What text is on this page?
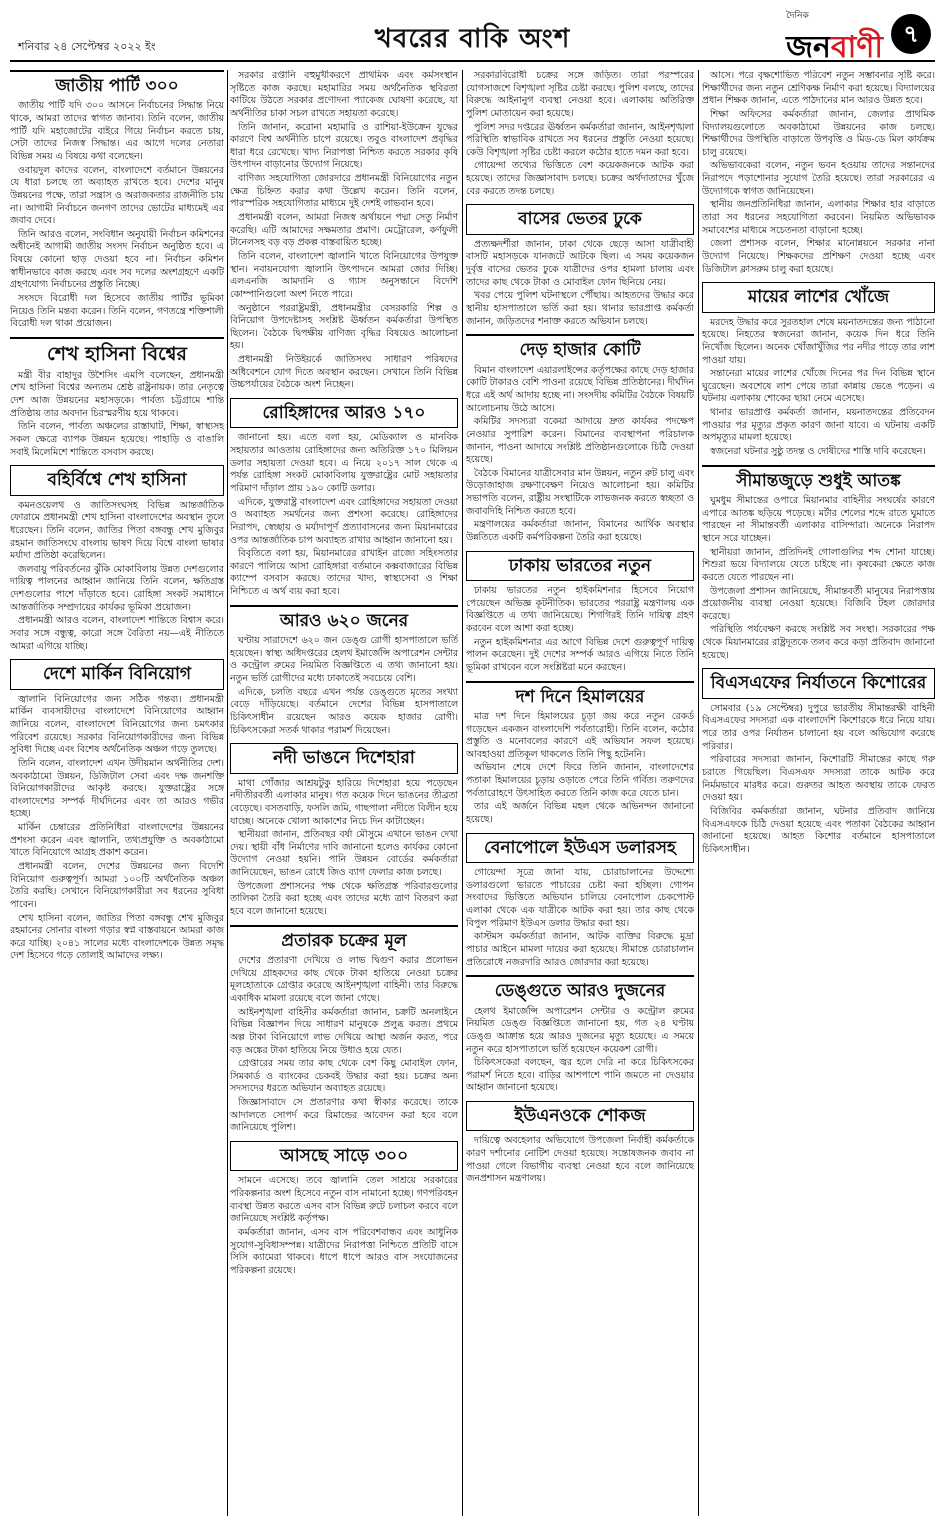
শনিবার ২৪ সেপ্টেম্বর ২০২২ ইং	খবরের বাকি অংশ
দৈনিক
জনবাণী ৭
জাতীয় পার্টি ৩০০

জাতীয় পার্টি যদি ৩০০ আসনে নির্বাচনের সিদ্ধান্ত নিয়ে থাকে, আমরা তাদের স্বাগত জানাব। তিনি বলেন, জাতীয় পার্টি যদি মহাজোটের বাইরে গিয়ে নির্বাচন করতে চায়, সেটা তাদের নিজস্ব সিদ্ধান্ত। এর আগে দলের নেতারা বিভিন্ন সময় এ বিষয়ে কথা বলেছেন।

ওবায়দুল কাদের বলেন, বাংলাদেশে বর্তমানে উন্নয়নের যে ধারা চলছে তা অব্যাহত রাখতে হবে। দেশের মানুষ উন্নয়নের পক্ষে, তারা সন্ত্রাস ও অরাজকতার রাজনীতি চায় না। আগামী নির্বাচনে জনগণ তাদের ভোটের মাধ্যমেই এর জবাব দেবে।

তিনি আরও বলেন, সংবিধান অনুযায়ী নির্বাচন কমিশনের অধীনেই আগামী জাতীয় সংসদ নির্বাচন অনুষ্ঠিত হবে। এ বিষয়ে কোনো ছাড় দেওয়া হবে না। নির্বাচন কমিশন স্বাধীনভাবে কাজ করছে এবং সব দলের অংশগ্রহণে একটি গ্রহণযোগ্য নির্বাচনের প্রস্তুতি নিচ্ছে।

সংসদে বিরোধী দল হিসেবে জাতীয় পার্টির ভূমিকা নিয়েও তিনি মন্তব্য করেন। তিনি বলেন, গণতন্ত্রে শক্তিশালী বিরোধী দল থাকা প্রয়োজন।

শেখ হাসিনা বিশ্বের

মন্ত্রী বীর বাহাদুর উশৈসিং এমপি বলেছেন, প্রধানমন্ত্রী শেখ হাসিনা বিশ্বের অন্যতম শ্রেষ্ঠ রাষ্ট্রনায়ক। তার নেতৃত্বে দেশ আজ উন্নয়নের মহাসড়কে। পার্বত্য চট্টগ্রামে শান্তি প্রতিষ্ঠায় তার অবদান চিরস্মরণীয় হয়ে থাকবে।

তিনি বলেন, পার্বত্য অঞ্চলের রাস্তাঘাট, শিক্ষা, স্বাস্থ্যসহ সকল ক্ষেত্রে ব্যাপক উন্নয়ন হয়েছে। পাহাড়ি ও বাঙালি সবাই মিলেমিশে শান্তিতে বসবাস করছে।

বহির্বিশ্বে শেখ হাসিনা

কমনওয়েলথ ও জাতিসংঘসহ বিভিন্ন আন্তর্জাতিক ফোরামে প্রধানমন্ত্রী শেখ হাসিনা বাংলাদেশের অবস্থান তুলে ধরেছেন। তিনি বলেন, জাতির পিতা বঙ্গবন্ধু শেখ মুজিবুর রহমান জাতিসংঘে বাংলায় ভাষণ দিয়ে বিশ্বে বাংলা ভাষার মর্যাদা প্রতিষ্ঠা করেছিলেন।

জলবায়ু পরিবর্তনের ঝুঁকি মোকাবিলায় উন্নত দেশগুলোর দায়িত্ব পালনের আহ্বান জানিয়ে তিনি বলেন, ক্ষতিগ্রস্ত দেশগুলোর পাশে দাঁড়াতে হবে। রোহিঙ্গা সংকট সমাধানে আন্তর্জাতিক সম্প্রদায়ের কার্যকর ভূমিকা প্রয়োজন।

প্রধানমন্ত্রী আরও বলেন, বাংলাদেশ শান্তিতে বিশ্বাস করে। সবার সঙ্গে বন্ধুত্ব, কারো সঙ্গে বৈরিতা নয়—এই নীতিতে আমরা এগিয়ে যাচ্ছি।

দেশে মার্কিন বিনিয়োগ

জ্বালানি বিনিয়োগের জন্য সঠিক গন্তব্য। প্রধানমন্ত্রী মার্কিন ব্যবসায়ীদের বাংলাদেশে বিনিয়োগের আহ্বান জানিয়ে বলেন, বাংলাদেশে বিনিয়োগের জন্য চমৎকার পরিবেশ রয়েছে। সরকার বিনিয়োগকারীদের জন্য বিভিন্ন সুবিধা দিচ্ছে এবং বিশেষ অর্থনৈতিক অঞ্চল গড়ে তুলছে।

তিনি বলেন, বাংলাদেশ এখন উদীয়মান অর্থনীতির দেশ। অবকাঠামো উন্নয়ন, ডিজিটাল সেবা এবং দক্ষ জনশক্তি বিনিয়োগকারীদের আকৃষ্ট করছে। যুক্তরাষ্ট্রের সঙ্গে বাংলাদেশের সম্পর্ক দীর্ঘদিনের এবং তা আরও গভীর হচ্ছে।

মার্কিন চেম্বারের প্রতিনিধিরা বাংলাদেশের উন্নয়নের প্রশংসা করেন এবং জ্বালানি, তথ্যপ্রযুক্তি ও অবকাঠামো খাতে বিনিয়োগে আগ্রহ প্রকাশ করেন।

প্রধানমন্ত্রী বলেন, দেশের উন্নয়নের জন্য বিদেশি বিনিয়োগ গুরুত্বপূর্ণ। আমরা ১০০টি অর্থনৈতিক অঞ্চল তৈরি করছি। সেখানে বিনিয়োগকারীরা সব ধরনের সুবিধা পাবেন।

শেখ হাসিনা বলেন, জাতির পিতা বঙ্গবন্ধু শেখ মুজিবুর রহমানের সোনার বাংলা গড়ার স্বপ্ন বাস্তবায়নে আমরা কাজ করে যাচ্ছি। ২০৪১ সালের মধ্যে বাংলাদেশকে উন্নত সমৃদ্ধ দেশ হিসেবে গড়ে তোলাই আমাদের লক্ষ্য।

সরকার রপ্তানি বহুমুখীকরণে প্রাথমিক এবং কর্মসংস্থান সৃষ্টিতে কাজ করছে। মহামারির সময় অর্থনৈতিক স্থবিরতা কাটিয়ে উঠতে সরকার প্রণোদনা প্যাকেজ ঘোষণা করেছে, যা অর্থনীতির চাকা সচল রাখতে সহায়তা করেছে।

তিনি জানান, করোনা মহামারি ও রাশিয়া-ইউক্রেন যুদ্ধের কারণে বিশ্ব অর্থনীতি চাপে রয়েছে। তবুও বাংলাদেশ প্রবৃদ্ধির ধারা ধরে রেখেছে। খাদ্য নিরাপত্তা নিশ্চিত করতে সরকার কৃষি উৎপাদন বাড়ানোর উদ্যোগ নিয়েছে।

বাণিজ্য সহযোগিতা জোরদারে প্রধানমন্ত্রী বিনিয়োগের নতুন ক্ষেত্র চিহ্নিত করার কথা উল্লেখ করেন। তিনি বলেন, পারস্পরিক সহযোগিতার মাধ্যমে দুই দেশই লাভবান হবে।

প্রধানমন্ত্রী বলেন, আমরা নিজস্ব অর্থায়নে পদ্মা সেতু নির্মাণ করেছি। এটি আমাদের সক্ষমতার প্রমাণ। মেট্রোরেল, কর্ণফুলী টানেলসহ বড় বড় প্রকল্প বাস্তবায়িত হচ্ছে।

তিনি বলেন, বাংলাদেশ জ্বালানি খাতে বিনিয়োগের উপযুক্ত স্থান। নবায়নযোগ্য জ্বালানি উৎপাদনে আমরা জোর দিচ্ছি। এলএনজি আমদানি ও গ্যাস অনুসন্ধানে বিদেশি কোম্পানিগুলো অংশ নিতে পারে।

অনুষ্ঠানে পররাষ্ট্রমন্ত্রী, প্রধানমন্ত্রীর বেসরকারি শিল্প ও বিনিয়োগ উপদেষ্টাসহ সংশ্লিষ্ট ঊর্ধ্বতন কর্মকর্তারা উপস্থিত ছিলেন। বৈঠকে দ্বিপক্ষীয় বাণিজ্য বৃদ্ধির বিষয়েও আলোচনা হয়।

প্রধানমন্ত্রী নিউইয়র্কে জাতিসংঘ সাধারণ পরিষদের অধিবেশনে যোগ দিতে অবস্থান করছেন। সেখানে তিনি বিভিন্ন উচ্চপর্যায়ের বৈঠকে অংশ নিচ্ছেন।

রোহিঙ্গাদের আরও ১৭০

জানানো হয়। এতে বলা হয়, মেডিক্যাল ও মানবিক সহায়তার আওতায় রোহিঙ্গাদের জন্য অতিরিক্ত ১৭০ মিলিয়ন ডলার সহায়তা দেওয়া হবে। এ নিয়ে ২০১৭ সাল থেকে এ পর্যন্ত রোহিঙ্গা সংকট মোকাবিলায় যুক্তরাষ্ট্রের মোট সহায়তার পরিমাণ দাঁড়াল প্রায় ১৯০ কোটি ডলার।

এদিকে, যুক্তরাষ্ট্র বাংলাদেশ এবং রোহিঙ্গাদের সহায়তা দেওয়া ও অব্যাহত সমর্থনের জন্য প্রশংসা করেছে। রোহিঙ্গাদের নিরাপদ, স্বেচ্ছায় ও মর্যাদাপূর্ণ প্রত্যাবাসনের জন্য মিয়ানমারের ওপর আন্তর্জাতিক চাপ অব্যাহত রাখার আহ্বান জানানো হয়।

বিবৃতিতে বলা হয়, মিয়ানমারের রাখাইন রাজ্যে সহিংসতার কারণে পালিয়ে আসা রোহিঙ্গারা বর্তমানে কক্সবাজারের বিভিন্ন ক্যাম্পে বসবাস করছে। তাদের খাদ্য, স্বাস্থ্যসেবা ও শিক্ষা নিশ্চিতে এ অর্থ ব্যয় করা হবে।

আরও ৬২০ জনের

ঘণ্টায় সারাদেশে ৬২০ জন ডেঙ্গু রোগী হাসপাতালে ভর্তি হয়েছেন। স্বাস্থ্য অধিদপ্তরের হেলথ ইমার্জেন্সি অপারেশন সেন্টার ও কন্ট্রোল রুমের নিয়মিত বিজ্ঞপ্তিতে এ তথ্য জানানো হয়। নতুন ভর্তি রোগীদের মধ্যে ঢাকাতেই সবচেয়ে বেশি।

এদিকে, চলতি বছরে এখন পর্যন্ত ডেঙ্গুতে মৃতের সংখ্যা বেড়ে দাঁড়িয়েছে। বর্তমানে দেশের বিভিন্ন হাসপাতালে চিকিৎসাধীন রয়েছেন আরও কয়েক হাজার রোগী। চিকিৎসকেরা সতর্ক থাকার পরামর্শ দিয়েছেন।

নদী ভাঙনে দিশেহারা

মাথা গোঁজার আশ্রয়টুকু হারিয়ে দিশেহারা হয়ে পড়েছেন নদীতীরবর্তী এলাকার মানুষ। গত কয়েক দিনে ভাঙনের তীব্রতা বেড়েছে। বসতবাড়ি, ফসলি জমি, গাছপালা নদীতে বিলীন হয়ে যাচ্ছে। অনেকে খোলা আকাশের নিচে দিন কাটাচ্ছেন।

স্থানীয়রা জানান, প্রতিবছর বর্ষা মৌসুমে এখানে ভাঙন দেখা দেয়। স্থায়ী বাঁধ নির্মাণের দাবি জানানো হলেও কার্যকর কোনো উদ্যোগ নেওয়া হয়নি। পানি উন্নয়ন বোর্ডের কর্মকর্তারা জানিয়েছেন, ভাঙন রোধে জিও ব্যাগ ফেলার কাজ চলছে।

উপজেলা প্রশাসনের পক্ষ থেকে ক্ষতিগ্রস্ত পরিবারগুলোর তালিকা তৈরি করা হচ্ছে এবং তাদের মধ্যে ত্রাণ বিতরণ করা হবে বলে জানানো হয়েছে।

প্রতারক চক্রের মূল

দেশের প্রতারণা দেখিয়ে ও লাভ দ্বিগুণ করার প্রলোভন দেখিয়ে গ্রাহকদের কাছ থেকে টাকা হাতিয়ে নেওয়া চক্রের মূলহোতাকে গ্রেপ্তার করেছে আইনশৃঙ্খলা বাহিনী। তার বিরুদ্ধে একাধিক মামলা রয়েছে বলে জানা গেছে।

আইনশৃঙ্খলা বাহিনীর কর্মকর্তারা জানান, চক্রটি অনলাইনে বিভিন্ন বিজ্ঞাপন দিয়ে সাধারণ মানুষকে প্রলুব্ধ করত। প্রথমে অল্প টাকা বিনিয়োগে লাভ দেখিয়ে আস্থা অর্জন করত, পরে বড় অঙ্কের টাকা হাতিয়ে নিয়ে উধাও হয়ে যেত।

গ্রেপ্তারের সময় তার কাছ থেকে বেশ কিছু মোবাইল ফোন, সিমকার্ড ও ব্যাংকের চেকবই উদ্ধার করা হয়। চক্রের অন্য সদস্যদের ধরতে অভিযান অব্যাহত রয়েছে।

জিজ্ঞাসাবাদে সে প্রতারণার কথা স্বীকার করেছে। তাকে আদালতে সোপর্দ করে রিমান্ডের আবেদন করা হবে বলে জানিয়েছে পুলিশ।

আসছে সাড়ে ৩০০

সামনে এসেছে। তবে জ্বালানি তেল সাশ্রয়ে সরকারের পরিকল্পনার অংশ হিসেবে নতুন বাস নামানো হচ্ছে। গণপরিবহন ব্যবস্থা উন্নত করতে এসব বাস বিভিন্ন রুটে চলাচল করবে বলে জানিয়েছে সংশ্লিষ্ট কর্তৃপক্ষ।

কর্মকর্তারা জানান, এসব বাস পরিবেশবান্ধব এবং আধুনিক সুযোগ-সুবিধাসম্পন্ন। যাত্রীদের নিরাপত্তা নিশ্চিতে প্রতিটি বাসে সিসি ক্যামেরা থাকবে। ধাপে ধাপে আরও বাস সংযোজনের পরিকল্পনা রয়েছে।

সরকারবিরোধী চক্রের সঙ্গে জড়িত। তারা পরস্পরের যোগসাজশে বিশৃঙ্খলা সৃষ্টির চেষ্টা করছে। পুলিশ বলছে, তাদের বিরুদ্ধে আইনানুগ ব্যবস্থা নেওয়া হবে। এলাকায় অতিরিক্ত পুলিশ মোতায়েন করা হয়েছে।

পুলিশ সদর দপ্তরের ঊর্ধ্বতন কর্মকর্তারা জানান, আইনশৃঙ্খলা পরিস্থিতি স্বাভাবিক রাখতে সব ধরনের প্রস্তুতি নেওয়া হয়েছে। কেউ বিশৃঙ্খলা সৃষ্টির চেষ্টা করলে কঠোর হাতে দমন করা হবে।

গোয়েন্দা তথ্যের ভিত্তিতে বেশ কয়েকজনকে আটক করা হয়েছে। তাদের জিজ্ঞাসাবাদ চলছে। চক্রের অর্থদাতাদের খুঁজে বের করতে তদন্ত চলছে।

বাসের ভেতর ঢুকে

প্রত্যক্ষদর্শীরা জানান, ঢাকা থেকে ছেড়ে আসা যাত্রীবাহী বাসটি মহাসড়কে যানজটে আটকে ছিল। এ সময় কয়েকজন দুর্বৃত্ত বাসের ভেতর ঢুকে যাত্রীদের ওপর হামলা চালায় এবং তাদের কাছ থেকে টাকা ও মোবাইল ফোন ছিনিয়ে নেয়।

খবর পেয়ে পুলিশ ঘটনাস্থলে পৌঁছায়। আহতদের উদ্ধার করে স্থানীয় হাসপাতালে ভর্তি করা হয়। থানার ভারপ্রাপ্ত কর্মকর্তা জানান, জড়িতদের শনাক্ত করতে অভিযান চলছে।

দেড় হাজার কোটি

বিমান বাংলাদেশ এয়ারলাইন্সের কর্তৃপক্ষের কাছে দেড় হাজার কোটি টাকারও বেশি পাওনা রয়েছে বিভিন্ন প্রতিষ্ঠানের। দীর্ঘদিন ধরে এই অর্থ আদায় হচ্ছে না। সংসদীয় কমিটির বৈঠকে বিষয়টি আলোচনায় উঠে আসে।

কমিটির সদস্যরা বকেয়া আদায়ে দ্রুত কার্যকর পদক্ষেপ নেওয়ার সুপারিশ করেন। বিমানের ব্যবস্থাপনা পরিচালক জানান, পাওনা আদায়ে সংশ্লিষ্ট প্রতিষ্ঠানগুলোকে চিঠি দেওয়া হয়েছে।

বৈঠকে বিমানের যাত্রীসেবার মান উন্নয়ন, নতুন রুট চালু এবং উড়োজাহাজ রক্ষণাবেক্ষণ নিয়েও আলোচনা হয়। কমিটির সভাপতি বলেন, রাষ্ট্রীয় সংস্থাটিকে লাভজনক করতে স্বচ্ছতা ও জবাবদিহি নিশ্চিত করতে হবে।

মন্ত্রণালয়ের কর্মকর্তারা জানান, বিমানের আর্থিক অবস্থার উন্নতিতে একটি কর্মপরিকল্পনা তৈরি করা হয়েছে।

ঢাকায় ভারতের নতুন

ঢাকায় ভারতের নতুন হাইকমিশনার হিসেবে নিয়োগ পেয়েছেন অভিজ্ঞ কূটনীতিক। ভারতের পররাষ্ট্র মন্ত্রণালয় এক বিজ্ঞপ্তিতে এ তথ্য জানিয়েছে। শিগগিরই তিনি দায়িত্ব গ্রহণ করবেন বলে আশা করা হচ্ছে।

নতুন হাইকমিশনার এর আগে বিভিন্ন দেশে গুরুত্বপূর্ণ দায়িত্ব পালন করেছেন। দুই দেশের সম্পর্ক আরও এগিয়ে নিতে তিনি ভূমিকা রাখবেন বলে সংশ্লিষ্টরা মনে করছেন।

দশ দিনে হিমালয়ের

মাত্র দশ দিনে হিমালয়ের চূড়া জয় করে নতুন রেকর্ড গড়েছেন একজন বাংলাদেশি পর্বতারোহী। তিনি বলেন, কঠোর প্রস্তুতি ও মনোবলের কারণে এই অভিযান সফল হয়েছে। আবহাওয়া প্রতিকূল থাকলেও তিনি পিছু হটেননি।

অভিযান শেষে দেশে ফিরে তিনি জানান, বাংলাদেশের পতাকা হিমালয়ের চূড়ায় ওড়াতে পেরে তিনি গর্বিত। তরুণদের পর্বতারোহণে উৎসাহিত করতে তিনি কাজ করে যেতে চান।

তার এই অর্জনে বিভিন্ন মহল থেকে অভিনন্দন জানানো হয়েছে।

বেনাপোলে ইউএস ডলারসহ

গোয়েন্দা সূত্রে জানা যায়, চোরাচালানের উদ্দেশ্যে ডলারগুলো ভারতে পাচারের চেষ্টা করা হচ্ছিল। গোপন সংবাদের ভিত্তিতে অভিযান চালিয়ে বেনাপোল চেকপোস্ট এলাকা থেকে এক যাত্রীকে আটক করা হয়। তার কাছ থেকে বিপুল পরিমাণ ইউএস ডলার উদ্ধার করা হয়।

কাস্টমস কর্মকর্তারা জানান, আটক ব্যক্তির বিরুদ্ধে মুদ্রা পাচার আইনে মামলা দায়ের করা হয়েছে। সীমান্তে চোরাচালান প্রতিরোধে নজরদারি আরও জোরদার করা হয়েছে।

ডেঙ্গুতে আরও দুজনের

হেলথ ইমার্জেন্সি অপারেশন সেন্টার ও কন্ট্রোল রুমের নিয়মিত ডেঙ্গু বিজ্ঞপ্তিতে জানানো হয়, গত ২৪ ঘণ্টায় ডেঙ্গু আক্রান্ত হয়ে আরও দুজনের মৃত্যু হয়েছে। এ সময়ে নতুন করে হাসপাতালে ভর্তি হয়েছেন কয়েকশ রোগী।

চিকিৎসকেরা বলছেন, জ্বর হলে দেরি না করে চিকিৎসকের পরামর্শ নিতে হবে। বাড়ির আশপাশে পানি জমতে না দেওয়ার আহ্বান জানানো হয়েছে।

ইউএনওকে শোকজ

দায়িত্বে অবহেলার অভিযোগে উপজেলা নির্বাহী কর্মকর্তাকে কারণ দর্শানোর নোটিশ দেওয়া হয়েছে। সন্তোষজনক জবাব না পাওয়া গেলে বিভাগীয় ব্যবস্থা নেওয়া হবে বলে জানিয়েছে জনপ্রশাসন মন্ত্রণালয়।

আসে। পরে বৃক্ষশোভিত পরিবেশ নতুন সম্ভাবনার সৃষ্টি করে। শিক্ষার্থীদের জন্য নতুন শ্রেণিকক্ষ নির্মাণ করা হয়েছে। বিদ্যালয়ের প্রধান শিক্ষক জানান, এতে পাঠদানের মান আরও উন্নত হবে।

শিক্ষা অফিসের কর্মকর্তারা জানান, জেলার প্রাথমিক বিদ্যালয়গুলোতে অবকাঠামো উন্নয়নের কাজ চলছে। শিক্ষার্থীদের উপস্থিতি বাড়াতে উপবৃত্তি ও মিড-ডে মিল কার্যক্রম চালু রয়েছে।

অভিভাবকেরা বলেন, নতুন ভবন হওয়ায় তাদের সন্তানদের নিরাপদে পড়াশোনার সুযোগ তৈরি হয়েছে। তারা সরকারের এ উদ্যোগকে স্বাগত জানিয়েছেন।

স্থানীয় জনপ্রতিনিধিরা জানান, এলাকার শিক্ষার হার বাড়াতে তারা সব ধরনের সহযোগিতা করবেন। নিয়মিত অভিভাবক সমাবেশের মাধ্যমে সচেতনতা বাড়ানো হচ্ছে।

জেলা প্রশাসক বলেন, শিক্ষার মানোন্নয়নে সরকার নানা উদ্যোগ নিয়েছে। শিক্ষকদের প্রশিক্ষণ দেওয়া হচ্ছে এবং ডিজিটাল ক্লাসরুম চালু করা হয়েছে।

মায়ের লাশের খোঁজে

মরদেহ উদ্ধার করে সুরতহাল শেষে ময়নাতদন্তের জন্য পাঠানো হয়েছে। নিহতের স্বজনেরা জানান, কয়েক দিন ধরে তিনি নিখোঁজ ছিলেন। অনেক খোঁজাখুঁজির পর নদীর পাড়ে তার লাশ পাওয়া যায়।

সন্তানেরা মায়ের লাশের খোঁজে দিনের পর দিন বিভিন্ন স্থানে ঘুরেছেন। অবশেষে লাশ পেয়ে তারা কান্নায় ভেঙে পড়েন। এ ঘটনায় এলাকায় শোকের ছায়া নেমে এসেছে।

থানার ভারপ্রাপ্ত কর্মকর্তা জানান, ময়নাতদন্তের প্রতিবেদন পাওয়ার পর মৃত্যুর প্রকৃত কারণ জানা যাবে। এ ঘটনায় একটি অপমৃত্যুর মামলা হয়েছে।

স্বজনেরা ঘটনার সুষ্ঠু তদন্ত ও দোষীদের শাস্তি দাবি করেছেন।

সীমান্তজুড়ে শুধুই আতঙ্ক

ঘুমধুম সীমান্তের ওপারে মিয়ানমার বাহিনীর সংঘর্ষের কারণে এপারে আতঙ্ক ছড়িয়ে পড়েছে। মর্টার শেলের শব্দে রাতে ঘুমাতে পারছেন না সীমান্তবর্তী এলাকার বাসিন্দারা। অনেকে নিরাপদ স্থানে সরে যাচ্ছেন।

স্থানীয়রা জানান, প্রতিদিনই গোলাগুলির শব্দ শোনা যাচ্ছে। শিশুরা ভয়ে বিদ্যালয়ে যেতে চাইছে না। কৃষকেরা ক্ষেতে কাজ করতে যেতে পারছেন না।

উপজেলা প্রশাসন জানিয়েছে, সীমান্তবর্তী মানুষের নিরাপত্তায় প্রয়োজনীয় ব্যবস্থা নেওয়া হয়েছে। বিজিবি টহল জোরদার করেছে।

পরিস্থিতি পর্যবেক্ষণ করছে সংশ্লিষ্ট সব সংস্থা। সরকারের পক্ষ থেকে মিয়ানমারের রাষ্ট্রদূতকে তলব করে কড়া প্রতিবাদ জানানো হয়েছে।

বিএসএফের নির্যাতনে কিশোরের

সোমবার (১৯ সেপ্টেম্বর) দুপুরে ভারতীয় সীমান্তরক্ষী বাহিনী বিএসএফের সদস্যরা এক বাংলাদেশি কিশোরকে ধরে নিয়ে যায়। পরে তার ওপর নির্যাতন চালানো হয় বলে অভিযোগ করেছে পরিবার।

পরিবারের সদস্যরা জানান, কিশোরটি সীমান্তের কাছে গরু চরাতে গিয়েছিল। বিএসএফ সদস্যরা তাকে আটক করে নির্মমভাবে মারধর করে। গুরুতর আহত অবস্থায় তাকে ফেরত দেওয়া হয়।

বিজিবির কর্মকর্তারা জানান, ঘটনার প্রতিবাদ জানিয়ে বিএসএফকে চিঠি দেওয়া হয়েছে এবং পতাকা বৈঠকের আহ্বান জানানো হয়েছে। আহত কিশোর বর্তমানে হাসপাতালে চিকিৎসাধীন।
